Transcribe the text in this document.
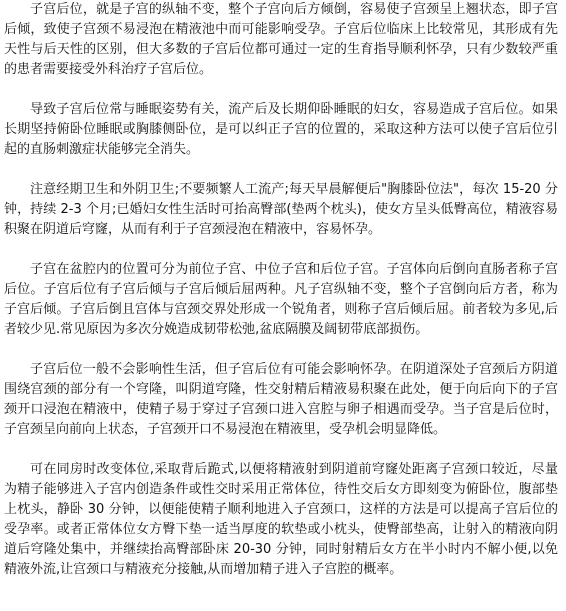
子宫后位，就是子宫的纵轴不变，整个子宫向后方倾倒，容易使子宫颈呈上翘状态，即子宫后倾，致使子宫颈不易浸泡在精液池中而可能影响受孕。子宫后位临床上比较常见，其形成有先天性与后天性的区别，但大多数的子宫后位都可通过一定的生育指导顺利怀孕，只有少数较严重的患者需要接受外科治疗子宫后位。

导致子宫后位常与睡眠姿势有关，流产后及长期仰卧睡眠的妇女，容易造成子宫后位。如果长期坚持俯卧位睡眠或胸膝侧卧位，是可以纠正子宫的位置的，采取这种方法可以使子宫后位引起的直肠刺激症状能够完全消失。

注意经期卫生和外阴卫生;不要频繁人工流产;每天早晨解便后"胸膝卧位法"，每次 15-20 分钟，持续 2-3 个月;已婚妇女性生活时可抬高臀部(垫两个枕头)，使女方呈头低臀高位，精液容易积聚在阴道后穹窿，从而有利于子宫颈浸泡在精液中，容易怀孕。

子宫在盆腔内的位置可分为前位子宫、中位子宫和后位子宫。子宫体向后倒向直肠者称子宫后位。子宫后位有子宫后倾与子宫后倾后屈两种。凡子宫纵轴不变，整个子宫倒向后方者，称为子宫后倾。子宫后倒且宫体与宫颈交界处形成一个锐角者，则称子宫后倾后屈。前者较为多见,后者较少见.常见原因为多次分娩造成韧带松弛,盆底隔膜及阔韧带底部损伤。

子宫后位一般不会影响性生活，但子宫后位有可能会影响怀孕。在阴道深处子宫颈后方阴道围绕宫颈的部分有一个穹隆，叫阴道穹隆，性交射精后精液易积聚在此处，便于向后向下的子宫颈开口浸泡在精液中，使精子易于穿过子宫颈口进入宫腔与卵子相遇而受孕。当子宫是后位时，子宫颈呈向前向上状态，子宫颈开口不易浸泡在精液里，受孕机会明显降低。

可在同房时改变体位,采取背后跪式,以便将精液射到阴道前穹窿处距离子宫颈口较近，尽量为精子能够进入子宫内创造条件或性交时采用正常体位，待性交后女方即刻变为俯卧位，腹部垫上枕头，静卧 30 分钟，以便能使精子顺利地进入子宫颈口，这样的方法是可以提高子宫后位的受孕率。或者正常体位女方臀下垫一适当厚度的软垫或小枕头，使臀部垫高，让射入的精液向阴道后穹隆处集中，并继续抬高臀部卧床 20-30 分钟，同时射精后女方在半小时内不解小便,以免精液外流,让宫颈口与精液充分接触,从而增加精子进入子宫腔的概率。
